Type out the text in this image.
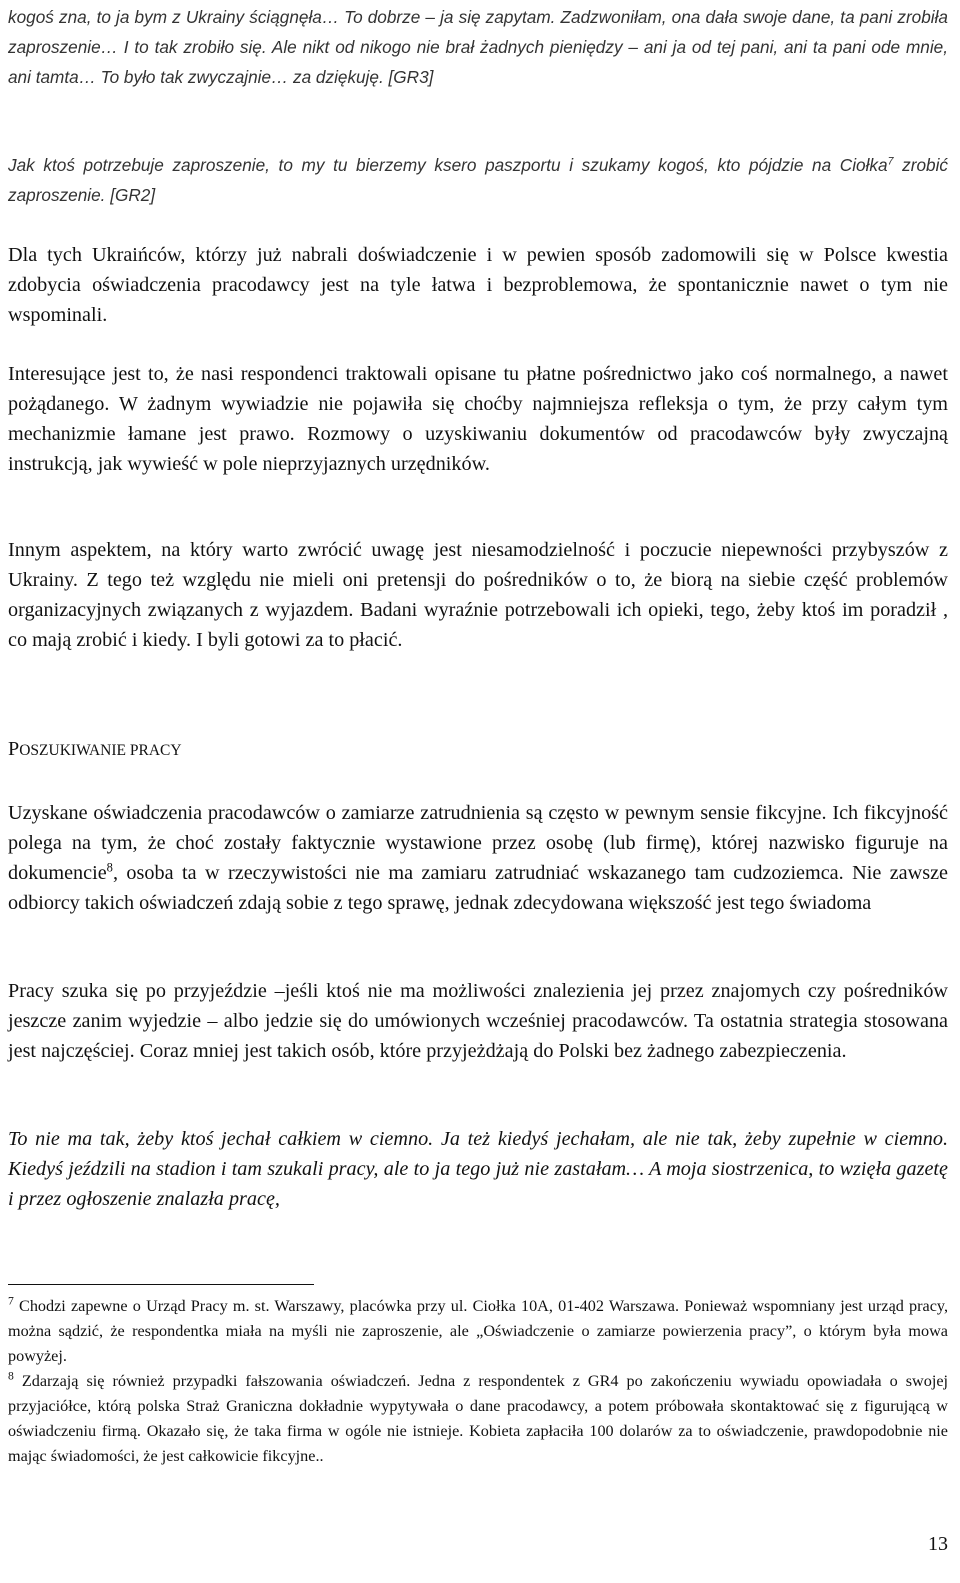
kogoś zna, to ja bym z Ukrainy ściągnęła… To dobrze – ja się zapytam. Zadzwoniłam, ona dała swoje dane, ta pani zrobiła zaproszenie… I to tak zrobiło się. Ale nikt od nikogo nie brał żadnych pieniędzy – ani ja od tej pani, ani ta pani ode mnie, ani tamta… To było tak zwyczajnie… za dziękuję. [GR3]

Jak ktoś potrzebuje zaproszenie, to my tu bierzemy ksero paszportu i szukamy kogoś, kto pójdzie na Ciołka$^7$ zrobić zaproszenie. [GR2]

Dla tych Ukraińców, którzy już nabrali doświadczenie i w pewien sposób zadomowili się w Polsce kwestia zdobycia oświadczenia pracodawcy jest na tyle łatwa i bezproblemowa, że spontanicznie nawet o tym nie wspominali.

Interesujące jest to, że nasi respondenci traktowali opisane tu płatne pośrednictwo jako coś normalnego, a nawet pożądanego. W żadnym wywiadzie nie pojawiła się choćby najmniejsza refleksja o tym, że przy całym tym mechanizmie łamane jest prawo. Rozmowy o uzyskiwaniu dokumentów od pracodawców były zwyczajną instrukcją, jak wywieść w pole nieprzyjaznych urzędników.

Innym aspektem, na który warto zwrócić uwagę jest niesamodzielność i poczucie niepewności przybyszów z Ukrainy. Z tego też względu nie mieli oni pretensji do pośredników o to, że biorą na siebie część problemów organizacyjnych związanych z wyjazdem. Badani wyraźnie potrzebowali ich opieki, tego, żeby ktoś im poradził , co mają zrobić i kiedy. I byli gotowi za to płacić.

POSZUKIWANIE PRACY

Uzyskane oświadczenia pracodawców o zamiarze zatrudnienia są często w pewnym sensie fikcyjne. Ich fikcyjność polega na tym, że choć zostały faktycznie wystawione przez osobę (lub firmę), której nazwisko figuruje na dokumencie$^8$, osoba ta w rzeczywistości nie ma zamiaru zatrudniać wskazanego tam cudzoziemca. Nie zawsze odbiorcy takich oświadczeń zdają sobie z tego sprawę, jednak zdecydowana większość jest tego świadoma

Pracy szuka się po przyjeździe –jeśli ktoś nie ma możliwości znalezienia jej przez znajomych czy pośredników jeszcze zanim wyjedzie – albo jedzie się do umówionych wcześniej pracodawców. Ta ostatnia strategia stosowana jest najczęściej. Coraz mniej jest takich osób, które przyjeżdżają do Polski bez żadnego zabezpieczenia.

To nie ma tak, żeby ktoś jechał całkiem w ciemno. Ja też kiedyś jechałam, ale nie tak, żeby zupełnie w ciemno. Kiedyś jeździli na stadion i tam szukali pracy, ale to ja tego już nie zastałam… A moja siostrzenica, to wzięła gazetę i przez ogłoszenie znalazła pracę,

$^7$ Chodzi zapewne o Urząd Pracy m. st. Warszawy, placówka przy ul. Ciołka 10A, 01-402 Warszawa. Ponieważ wspomniany jest urząd pracy, można sądzić, że respondentka miała na myśli nie zaproszenie, ale „Oświadczenie o zamiarze powierzenia pracy”, o którym była mowa powyżej.

$^8$ Zdarzają się również przypadki fałszowania oświadczeń. Jedna z respondentek z GR4 po zakończeniu wywiadu opowiadała o swojej przyjaciółce, którą polska Straż Graniczna dokładnie wypytywała o dane pracodawcy, a potem próbowała skontaktować się z figurującą w oświadczeniu firmą. Okazało się, że taka firma w ogóle nie istnieje. Kobieta zapłaciła 100 dolarów za to oświadczenie, prawdopodobnie nie mając świadomości, że jest całkowicie fikcyjne..

13
